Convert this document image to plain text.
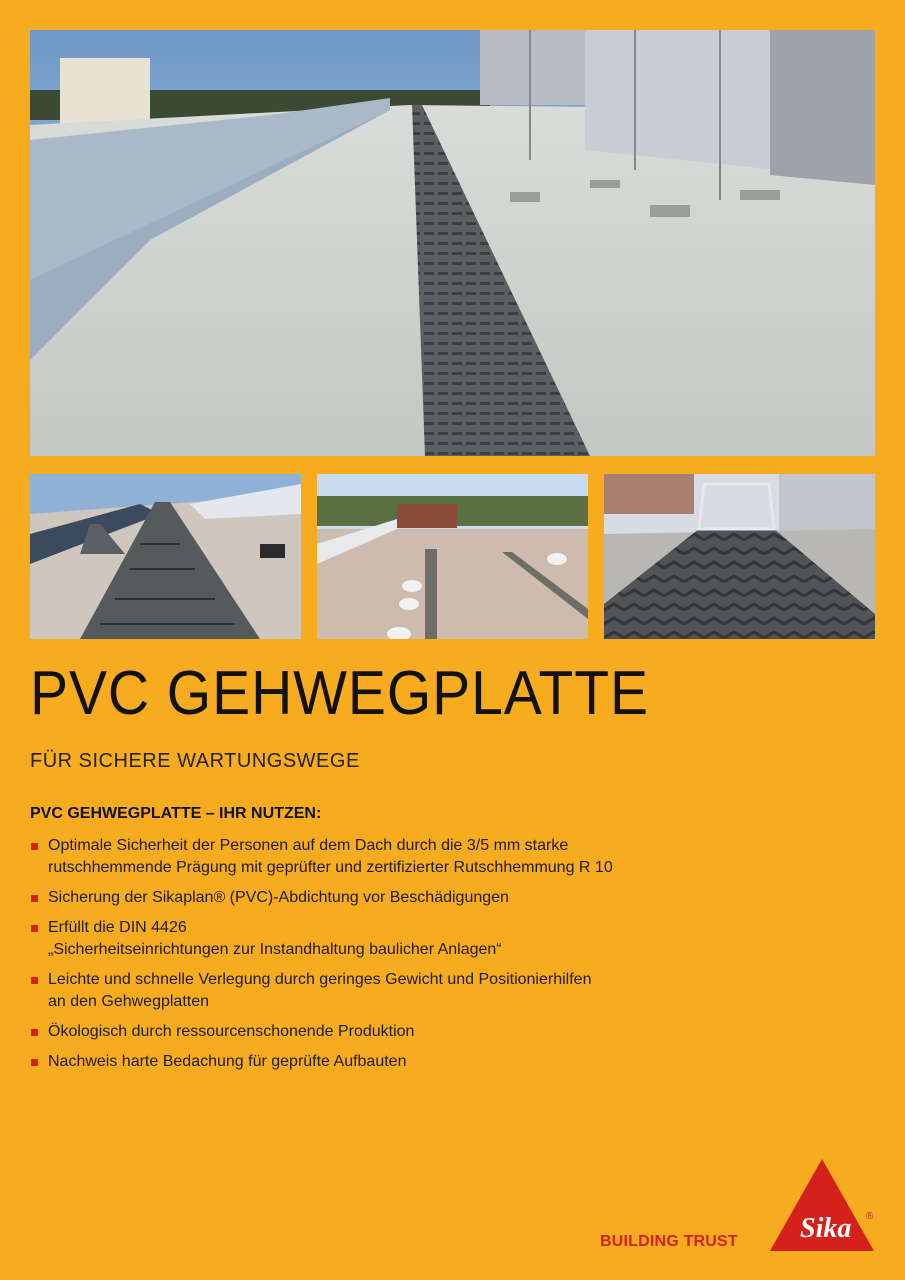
PVC GEHWEGPLATTE

FÜR SICHERE WARTUNGSWEGE

PVC GEHWEGPLATTE – IHR NUTZEN:
Optimale Sicherheit der Personen auf dem Dach durch die 3/5 mm starke
rutschhemmende Prägung mit geprüfter und zertifizierter Rutschhemmung R 10
Sicherung der Sikaplan® (PVC)-Abdichtung vor Beschädigungen
Erfüllt die DIN 4426
„Sicherheitseinrichtungen zur Instandhaltung baulicher Anlagen“
Leichte und schnelle Verlegung durch geringes Gewicht und Positionierhilfen
an den Gehwegplatten
Ökologisch durch ressourcenschonende Produktion
Nachweis harte Bedachung für geprüfte Aufbauten
BUILDING TRUST Sika ®
